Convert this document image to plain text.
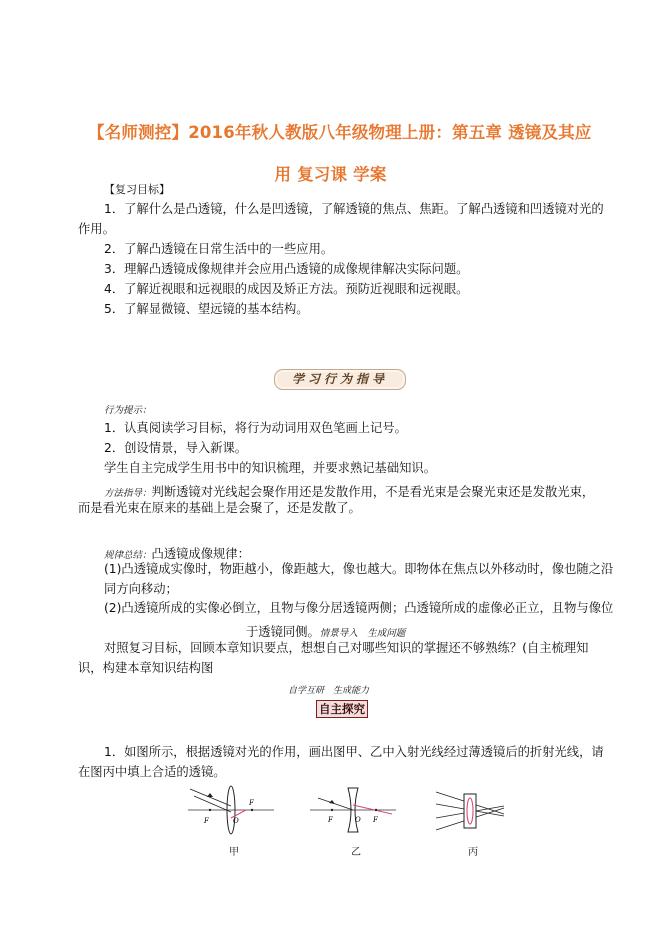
【名师测控】2016年秋人教版八年级物理上册：第五章 透镜及其应
用 复习课 学案
【复习目标】
1．了解什么是凸透镜，什么是凹透镜，了解透镜的焦点、焦距。了解凸透镜和凹透镜对光的
作用。
2．了解凸透镜在日常生活中的一些应用。
3．理解凸透镜成像规律并会应用凸透镜的成像规律解决实际问题。
4．了解近视眼和远视眼的成因及矫正方法。预防近视眼和远视眼。
5．了解显微镜、望远镜的基本结构。
学习行为指导
行为提示：
1．认真阅读学习目标，将行为动词用双色笔画上记号。
2．创设情景，导入新课。
学生自主完成学生用书中的知识梳理，并要求熟记基础知识。
方法指导：判断透镜对光线起会聚作用还是发散作用，不是看光束是会聚光束还是发散光束，
而是看光束在原来的基础上是会聚了，还是发散了。
规律总结：凸透镜成像规律：
(1)凸透镜成实像时，物距越小，像距越大，像也越大。即物体在焦点以外移动时，像也随之沿
同方向移动；
(2)凸透镜所成的实像必倒立，且物与像分居透镜两侧；凸透镜所成的虚像必正立，且物与像位
于透镜同侧。情景导入　生成问题
对照复习目标，回顾本章知识要点，想想自己对哪些知识的掌握还不够熟练？(自主梳理知
识，构建本章知识结构图
自学互研　生成能力
自主探究
1．如图所示，根据透镜对光的作用，画出图甲、乙中入射光线经过薄透镜后的折射光线，请
在图丙中填上合适的透镜。
F
F
O
甲
F	F
O
乙	丙
